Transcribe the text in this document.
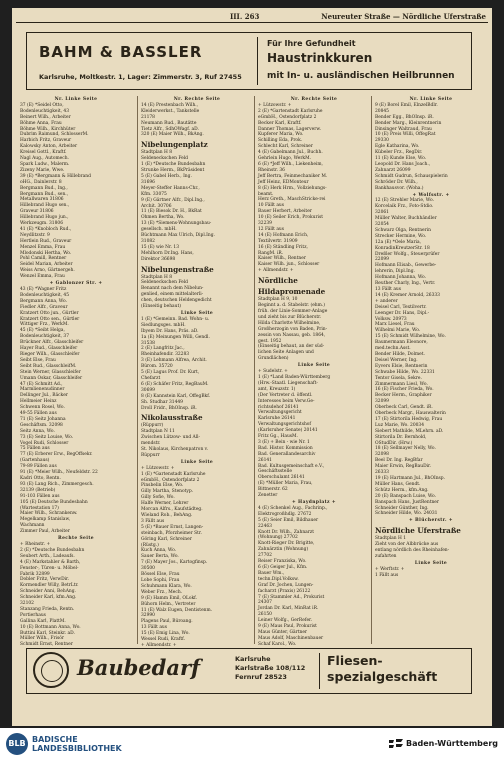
III. 263	Neureuter Straße — Nördliche Uferstraße
BAHM & BASSLER
Karlsruhe, Moltkestr. 1, Lager: Zimmerstr. 3, Ruf 27455
Für Ihre Gefundheit
Haustrinkkuren
mit In- u. ausländischen Heilbrunnen
Nr. Linke Seite
37 (E) *Seidel Otto,
Bodenleuchtigkeit, 43
Beinert Wilh., Arbeiter
Böhme Anna, Frau
Böhme Wilh., Kirchhüter
Dubrim Raimund, SchlosserM.
Harbich Fritz, Graveur
Kalowsky Anton, Arbeiter
Kreisel Gottl., Kraftf.
Nagl Aug., Automech.
Spark Ludw., Malerm.
Zizeny Marie, Wwe.
39 (E) *Bergmann & Hillebrand
oHG., Dainlerstr. 8
Bergmann Bud., Ing.,
Bergmann Bud., sen.,
Metallwaren 31806
Hillebrand Hugo sen.,
Graveur 31806
Hillebrand Hugo jun.,
Werkzeugm. 31806
41 (E) *Knobloch Rud.,
Neydlitzstr. 9
Hertlein Rud., Graveur
Menzel Emma, Frau
Mlodonski Hertha, Wo.
Pohl Camill, Rentner
Seidel Marian, Arbeiter
Weiss Arno, Gärtnergeh.
Wenzel Emma, Frau
+ Gablonzer Str. +
43 (E) *Wagner Fritz
Bodenleuchtigkeit, 45
Bergmann Anna, Wo.
Fiedler Alfr., Graveur
Kratzert Otto jun., Gürtler
Kratzert Otto sen., Gürtler
Wittiger Frz., WerkM.
45 (E) *Seibt Helga,
Bodenleuchtigkeit, 37
Brückner Alfr., Glasschleifer
Hayer Rud., Glasschleifer
Rieger Wilh., Glasschleifer
Seibt Else, Frau
Seibt Rud., GlasschleifM.
Stein Werner, Glasschleifer
Umann Oskar, Glasschleifer
47 (E) Schmitt Ad.,
Marmlienenudinner
Dellinger Jul., Bäcker
Hellmeier Heinz
Schwenn Rosel, Wo.
49-55 Fällen aus
71 (E) Seitz Johanna
Geschäftsm. 32098
Seitz Anna, Wo.
73 (E) Seitz Louise, Wo.
Vogel Rudi, Schlosser
75 Fällen aus
77 (E) Erberer Erw., BegOffsekr.
(Gartenhaus)
79-89 Fällen aus
91 (E) *Meier Wilh., Neufeldstr. 22
Kadri Otto, Rentn.
93 (E) Lang Rich., Zimmergesch.
32139 (Betrieb)
91-103 Fällen aus
105 (E) Deutsche Bundesbahn
(Wartestation 17)
Maier Wilh., Schrankenw.
Megelkamp Stanislaw,
Wachmann
Zimmer Paul, Arbeiter
Rechte Seite
+ Rheinstr. +
2 (E) *Deutsche Bundesbahn
Seubert Arth., Ladeaufs.
4 (E) Markstahler & Barth,
Fenster-, Türen- u. Möbel-
Fabrik 32899
Dobler Fritz, VerwDir.
Kormendler Willy, BetrLtr.
Schneider Anni, BehAng.
Schneider Karl, kfm.Ang.
32102
Stanzang Frieda, Rentn.
Portierhaus
Gallina Karl, PlattM.
10 (E) Bottmann Anna, Wo.
Buttini Karl, Steinkr. aD.
Müller Wilh., Frisör
Schmidt Ernst, Rentner
Nr. Rechte Seite
14 (E) Prestenbach Wilh.,
Kleiderwerkst., Tankstelle
21178
Neumann Rud., Bautätte
Tietz Alfr., SdhOWagf. aD.
320 (E) Maier Wilh., BkAng.
Nibelungenplatz
Stadtplan H 8
Seldeneckschen Feld
1 (E) *Deutsche Bundesbahn
Strunke Herm., BkPräsident
5 (E) Gabel Herb., Ing.
31696
Meyer-Steffer Hanns-Chr.,
Kfm. 33075
9 (E) Gärtner Alfr., Dipl.Ing.,
Archit. 30706
11 (E) Biesok Dr. H., BkRat
Ohmen Bertha, Wo.
13 (E) *Siemens-Wohnungsbau-
gesellsch. mbH.
Büchtmann Max Ulrich, Dipl.Ing.
31082
15 (E) wie Nr. 13
Mehlhorn Dr.Ing. Hans,
Direktor 36698
Nibelungenstraße
Stadtplan H 8
Seldeneckschen Feld
Benannt nach dem Nibelun-
genlied, einem mittelalterli-
chen, deutschen Heldengedicht
(Einseitig behaut)
Linke Seite
1 (E) *Gemeinn. Bad. Wohn- u.
Siedlungsges. mbH.
Ibyem Dr. Hans, Präs. aD.
1a (E) Meinungen Willi, Gendl.
31538
2 (E) Langfritz Jac.,
Rheinhafendir. 32283
3 (E) Lehmann Alfrea, Archit.
Bürom. 35720
5 (E) Lagus Prof. Dr. Kurt,
Chefarzt
6 (E) Schäfer Fritz, RegBauM.
30699
8 (E) Kannstein Karl, OffegBkf.
Sh. Studhar 31449
Droll Fridr., BhOInsp. iR.
Nikolausstraße
(Rüppurr)
Stadtplan N 11
Zwischen Lützow- und All-
mendstr.
St. Nikolaus, Kirchenpatron v.
Rüppurr
Linke Seite
+ Lützowstr. +
1 (E) *Gartenstadt Karlsruhe
eGmbH., Ostendorfplatz 2
Pinsbelin Else, Wo.
Gilly Martha, Stenotyp.
Gilly Sofie, Wo.
Halfe Werner, Lehrer
Morcan Alfrs., Kaufstädteg.
Wieland Rob., BehAng.
3 Fällt aus
5 (E) *Bauer Ernst, Langen-
steinbach, Pforzheimer Str.
Göring Karl, Schreiner
(Rüstg.)
Kuch Anna, Wo.
Sauer Berta, Wo.
7 (E) Mayer Jos., Kartogfinsp.
30500
Bössel Else, Frau
Lobe Sophi, Frau
Schuhmann Klara, Wo.
Weber Frz., Mech.
9 (E) Hamm Emil, OLokf.
Bühorn Helm., Vertreter
11 (E) Walz Eugen, Dentistenm.
32990
Plagens Paul, Büroang.
13 Fällt aus
15 (E) Emig Lina, Wo.
Wessel Rudi, Kraftf.
+ Allmendstr. +
Nr. Rechte Seite
+ Lützowstr. +
2 (E) *Gartenstadt Karlsruhe
eGmbH., Ostendorfplatz 2
Becker Karl, Kraftf.
Danner Thomas, Lagerverw.
Kupferer Maria, Wo.
Schilling Eda, Prok.
Schlecht Karl, Schreiner
4 (E) Gabelmann Jul., Buchh.
Gehrlein Hugo, WerkM.
6 (E) *Jeff Wilh., Liekenheim,
Rheinstr. 36
Jeff Bertra, Feinmechaniker M.
Jeff Heinz, EDMonteur
8 (E) Herk Hrm., Vollziehungs-
beamt.
Herz Greth., MaschStricke-rei
10 Fällt aus
Bauer Herbert, Arbeiter
10 (E) Seiler Erich, Prokurist
32239
12 Fällt aus
14 (E) Hofmann Erich,
Textilvertr. 31909
16 (E) Ständling Fritz,
RangM. iR.
Kaiser Wilh., Rentner
Kaiser Wilh. jun., Schlosser
+ Allmendstr. +
Nördliche
Hildapromenade
Stadtplan H 9, 10
Beginnt a. d. Stabelstr. (ehm.)
früh. der Linie-Sommer-Anlage
und zieht bis zur Blücherstr.
Hilda Charlotte Wilhelmine,
Großherzogin von Baden, Prin-
zessin von Nassau, geb. 1864,
gest. 1952
(Einseitig behaut, an der süd-
lichen Seite Anlagen und
Grundlächen)
Linke Seite
+ Sudelstr. +
1 (E) *Land Baden-Württemberg
(Hrw.-Staatl. Liegenschaft-
amt, Kreuzstr. 1)
(Der Vertreter d. öffentl.
Interesses beim Verw.Ge-
richtsdehof 26141
Verwaltungsgericht
Karlsruhe 26141
Verwaltungsgerichtshof
(Karlsruher Senate) 20141
Fritz Gg., HausM.
3 (E) + Bein - wie Nr. 1
Bad. Histor. Kommission
Bad. Generallandesarchiv
26141
Bad. Kultusgemeinschaft e.V.,
Geschäftsstelle
Oberschulamt 26141
(E) *Müller Maria, Frau,
Bittnerstr. 62
Zenetter
+ Haydnplatz +
4 (E) Schenkel Aug., Fachrinp.,
Elektrogroßhdlg. 27672
5 (E) Seier Emil, Bildhauer
22463
Knott Dr. Wilh., Zahnarzt
(Wohnung) 27702
Knott-Rieger Dr. Brigitte,
Zahnärztin (Wohnung)
27702
Reiser Franziska, Wo.
6 (E) Geiger Jul., Kfm.
Bauer Wm.,
techn.Dipl.Volksw.
Graf Dr. Jochen, Lungen-
facharzt (Praxis) 26122
7 (E) Stammler Ad., Prokurist
24307
Jordan Dr. Karl, MinRat iR.
26150
Leiner Wolfg., GerRefer.
9 (E) Maus Paul, Prokurist
Maus Günter, Gärtner
Maus Adolf, Maschinenbauer
Schaf Karol., Wo.
Nr. Linke Seite
9 (E) Borel Emil, ElnzelBdlr.
20845
Bender Egg., BhOInsp. iR.
Bender Marg., Kleinrentnerin
Dinsinger Waltraud, Frau
10 (E) Preis Willi, OffegRat
29330
Egle Katharina, Wo.
Kübeler Frz., RegDir.
11 (E) Kunde Else, Wo.
Leopold Dr. Hans Joach.,
Zahnarzt 26099
Schmidt Gudrun, Schauspielerin
Schröder Dr. Wilh.,
Bankhausvor. (Woha.)
+ Wolfsstr. +
12 (E) Strehler Marie, Wo.
Korcelaik Frz., Foto-Stdio.
32061
Müller Walter, Buchhändler
32054
Schwarz Olga, Rentnerin
Strecker Hermine, Wo.
12a (E) *Oele Maria,
KonradinKreutzerStr. 18
Dreßler Wolfg., Steuerprüfer
22099
Hofmann Elisab., Gewerbe-
lehrerin, Dipl.Ing.
Hofmann Johanna, Wo.
Reuther Charly, Ing., Vertr.
13 Fällt aus
14 (E) Kremer Arnold, 26333
+ anderer
Deisel Carl, Textilvertr.
Leenger Dr. Hans, Dipl.-
Volksw. 20973
Marx Liesel, Frau
Wilhelmi Marie, Wo.
15 (E) Schmidt Wilhelmine, Wo.
Baumermann Eleonore,
med.techn.Asst.
Bender Hilde, Dolmet.
Deisel Werner, Ing.
Eyvers Elsie, Rentnerin
Schwabe Hilde, Wo. 22331
Tentor Gisela, Sekre.
Zimmermann Liesl, Wo.
16 (E) Fischer Frieda, Wo.
Becker Herm., Graphiker
32099
Oberbeck Carl, Gendt. iR.
Oberbeck Margr., Hauswalterin
17 (E) Stirtorila Hedwig, Frau
Luz Marie, Wo. 20034
Siebert Mathilde, MLehrn. aD.
Stirtorila Dr. Bernhold,
OStudDir. (Hrw.)
18 (E) Sellmayer Nelly, Wo.
32098
Beel Dr. Ing. RegBfar
Maier Erwin, RegBauDir.
26333
19 (E) Hartmann Jul., BhOInsp.
Müller Hans, Gendt.
Schütz Herm., kfm.Ang.
20 (E) Banspach Luise, Wo.
Banspach Hans, JustRentner
Schneider Günther, Ing.
Schneider Hilde, Wo. 24031
+ Blücherstr. +
Nördliche Uferstraße
Stadtplan H 1
Zieht von der Albbrücke aus
entlang nördlich des Rheinhafen-
zufahrten
Linke Seite
+ Werftstr. +
1 Fällt aus
Baubedarf	Karlsruhe
Karlstraße 108/112
Fernruf 28523
Fliesen-
spezialgeschäft
BLB BADISCHE
LANDESBIBLIOTHEK
Baden-Württemberg
